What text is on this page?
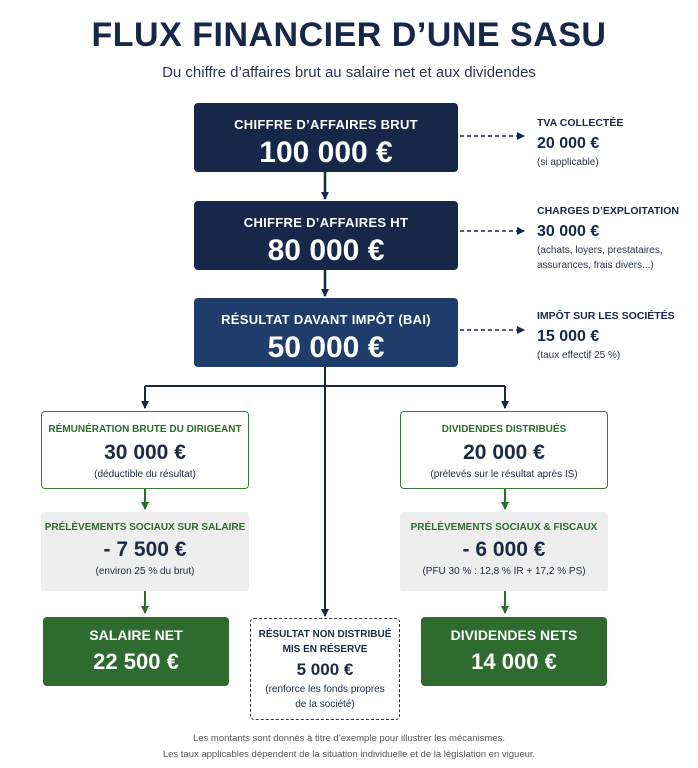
FLUX FINANCIER D’UNE SASU
Du chiffre d’affaires brut au salaire net et aux dividendes
CHIFFRE D’AFFAIRES BRUT
100 000 €
CHIFFRE D’AFFAIRES HT
80 000 €
RÉSULTAT DAVANT IMPÔT (BAI)
50 000 €
TVA COLLECTÉE
20 000 €
(si applicable)
CHARGES D’EXPLOITATION
30 000 €
(achats, loyers, prestataires,
assurances, frais divers...)
IMPÔT SUR LES SOCIÉTÉS
15 000 €
(taux effectif 25 %)
RÉMUNÉRATION BRUTE DU DIRIGEANT
30 000 €
(déductible du résultat)
PRÉLÈVEMENTS SOCIAUX SUR SALAIRE
- 7 500 €
(environ 25 % du brut)
SALAIRE NET
22 500 €
DIVIDENDES DISTRIBUÉS
20 000 €
(prélevés sur le résultat après IS)
PRÉLÈVEMENTS SOCIAUX & FISCAUX
- 6 000 €
(PFU 30 % : 12,8 % IR + 17,2 % PS)
DIVIDENDES NETS
14 000 €
RÉSULTAT NON DISTRIBUÉ
MIS EN RÉSERVE
5 000 €
(renforce les fonds propres
de la société)
Les montants sont donnés à titre d’exemple pour illustrer les mécanismes.
Les taux applicables dépendent de la situation individuelle et de la législation en vigueur.
